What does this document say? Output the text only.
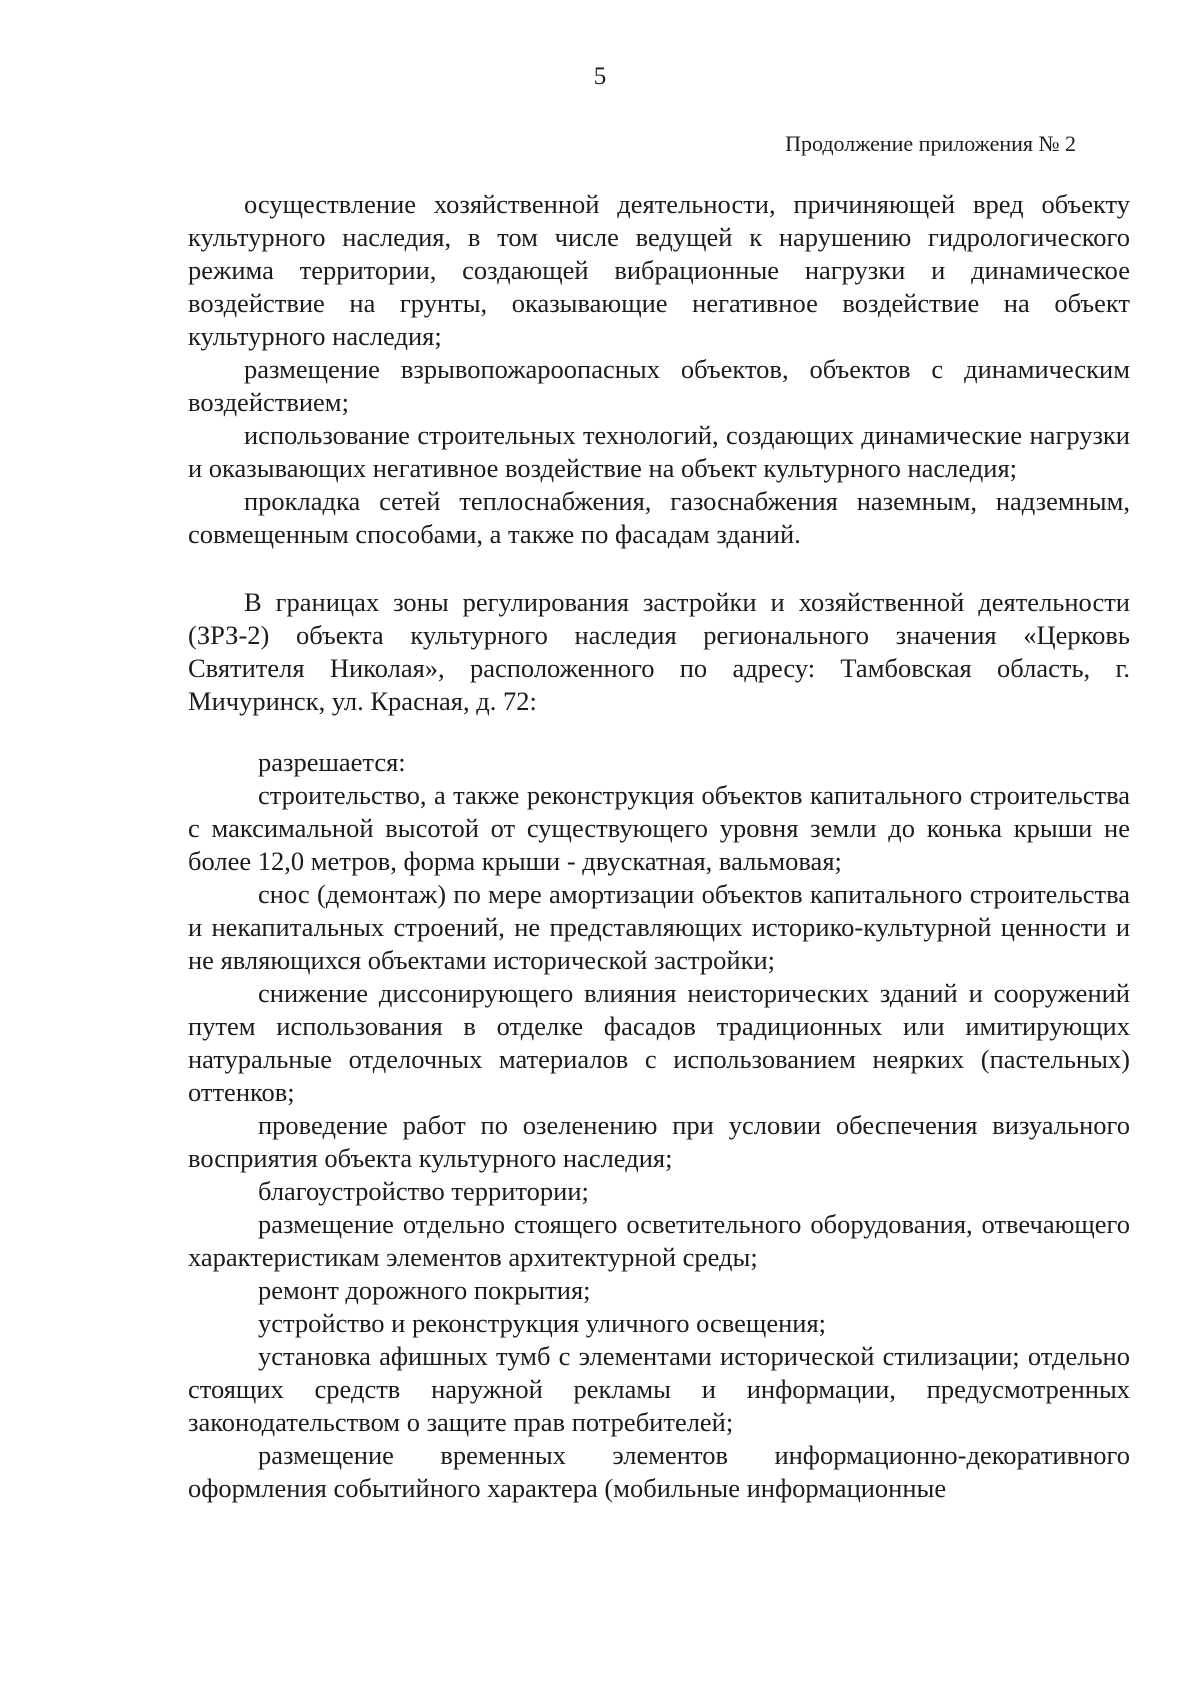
5
Продолжение приложения № 2

осуществление хозяйственной деятельности, причиняющей вред объекту культурного наследия, в том числе ведущей к нарушению гидрологического режима территории, создающей вибрационные нагрузки и динамическое воздействие на грунты, оказывающие негативное воздействие на объект культурного наследия;

размещение взрывопожароопасных объектов, объектов с динамическим воздействием;

использование строительных технологий, создающих динамические нагрузки и оказывающих негативное воздействие на объект культурного наследия;

прокладка сетей теплоснабжения, газоснабжения наземным, надземным, совмещенным способами, а также по фасадам зданий.

В границах зоны регулирования застройки и хозяйственной деятельности (ЗРЗ-2) объекта культурного наследия регионального значения «Церковь Святителя Николая», расположенного по адресу: Тамбовская область, г. Мичуринск, ул. Красная, д. 72:

разрешается:

строительство, а также реконструкция объектов капитального строительства с максимальной высотой от существующего уровня земли до конька крыши не более 12,0 метров, форма крыши - двускатная, вальмовая;

снос (демонтаж) по мере амортизации объектов капитального строительства и некапитальных строений, не представляющих историко-культурной ценности и не являющихся объектами исторической застройки;

снижение диссонирующего влияния неисторических зданий и сооружений путем использования в отделке фасадов традиционных или имитирующих натуральные отделочных материалов с использованием неярких (пастельных) оттенков;

проведение работ по озеленению при условии обеспечения визуального восприятия объекта культурного наследия;

благоустройство территории;

размещение отдельно стоящего осветительного оборудования, отвечающего характеристикам элементов архитектурной среды;

ремонт дорожного покрытия;

устройство и реконструкция уличного освещения;

установка афишных тумб с элементами исторической стилизации; отдельно стоящих средств наружной рекламы и информации, предусмотренных законодательством о защите прав потребителей;

размещение временных элементов информационно-декоративного оформления событийного характера (мобильные информационные
